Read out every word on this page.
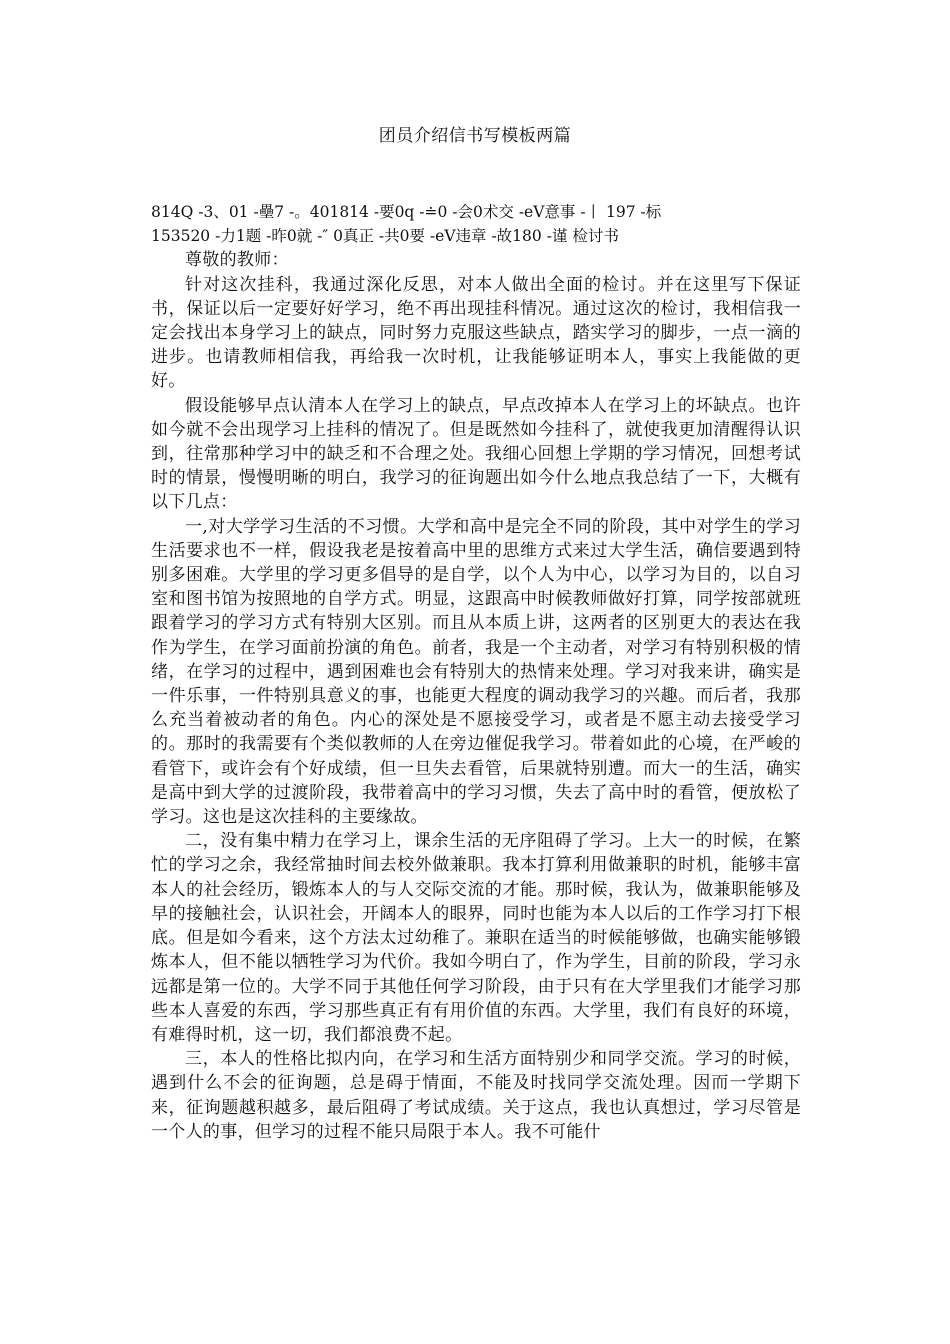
团员介绍信书写模板两篇

814Q -3、01 -壘7 -。401814 -要0q -≐0 -会0术交 -eV意事 -丨 197 -标

153520 -力1题 -昨0就 -″ 0真正 -共0要 -eV违章 -故180 -谨 检讨书

尊敬的教师：

针对这次挂科，我通过深化反思，对本人做出全面的检讨。并在这里写下保证书，保证以后一定要好好学习，绝不再出现挂科情况。通过这次的检讨，我相信我一定会找出本身学习上的缺点，同时努力克服这些缺点，踏实学习的脚步，一点一滴的进步。也请教师相信我，再给我一次时机，让我能够证明本人，事实上我能做的更好。

假设能够早点认清本人在学习上的缺点，早点改掉本人在学习上的坏缺点。也许如今就不会出现学习上挂科的情况了。但是既然如今挂科了，就使我更加清醒得认识到，往常那种学习中的缺乏和不合理之处。我细心回想上学期的学习情况，回想考试时的情景，慢慢明晰的明白，我学习的征询题出如今什么地点我总结了一下，大概有以下几点：

一,对大学学习生活的不习惯。大学和高中是完全不同的阶段，其中对学生的学习生活要求也不一样，假设我老是按着高中里的思维方式来过大学生活，确信要遇到特别多困难。大学里的学习更多倡导的是自学，以个人为中心，以学习为目的，以自习室和图书馆为按照地的自学方式。明显，这跟高中时候教师做好打算，同学按部就班跟着学习的学习方式有特别大区别。而且从本质上讲，这两者的区别更大的表达在我作为学生，在学习面前扮演的角色。前者，我是一个主动者，对学习有特别积极的情绪，在学习的过程中，遇到困难也会有特别大的热情来处理。学习对我来讲，确实是一件乐事，一件特别具意义的事，也能更大程度的调动我学习的兴趣。而后者，我那么充当着被动者的角色。内心的深处是不愿接受学习，或者是不愿主动去接受学习的。那时的我需要有个类似教师的人在旁边催促我学习。带着如此的心境，在严峻的看管下，或许会有个好成绩，但一旦失去看管，后果就特别遭。而大一的生活，确实是高中到大学的过渡阶段，我带着高中的学习习惯，失去了高中时的看管，便放松了学习。这也是这次挂科的主要缘故。

二，没有集中精力在学习上，课余生活的无序阻碍了学习。上大一的时候，在繁忙的学习之余，我经常抽时间去校外做兼职。我本打算利用做兼职的时机，能够丰富本人的社会经历，锻炼本人的与人交际交流的才能。那时候，我认为，做兼职能够及早的接触社会，认识社会，开阔本人的眼界，同时也能为本人以后的工作学习打下根底。但是如今看来，这个方法太过幼稚了。兼职在适当的时候能够做，也确实能够锻炼本人，但不能以牺牲学习为代价。我如今明白了，作为学生，目前的阶段，学习永远都是第一位的。大学不同于其他任何学习阶段，由于只有在大学里我们才能学习那些本人喜爱的东西，学习那些真正有有用价值的东西。大学里，我们有良好的环境，有难得时机，这一切，我们都浪费不起。

三，本人的性格比拟内向，在学习和生活方面特别少和同学交流。学习的时候，遇到什么不会的征询题，总是碍于情面，不能及时找同学交流处理。因而一学期下来，征询题越积越多，最后阻碍了考试成绩。关于这点，我也认真想过，学习尽管是一个人的事，但学习的过程不能只局限于本人。我不可能什
